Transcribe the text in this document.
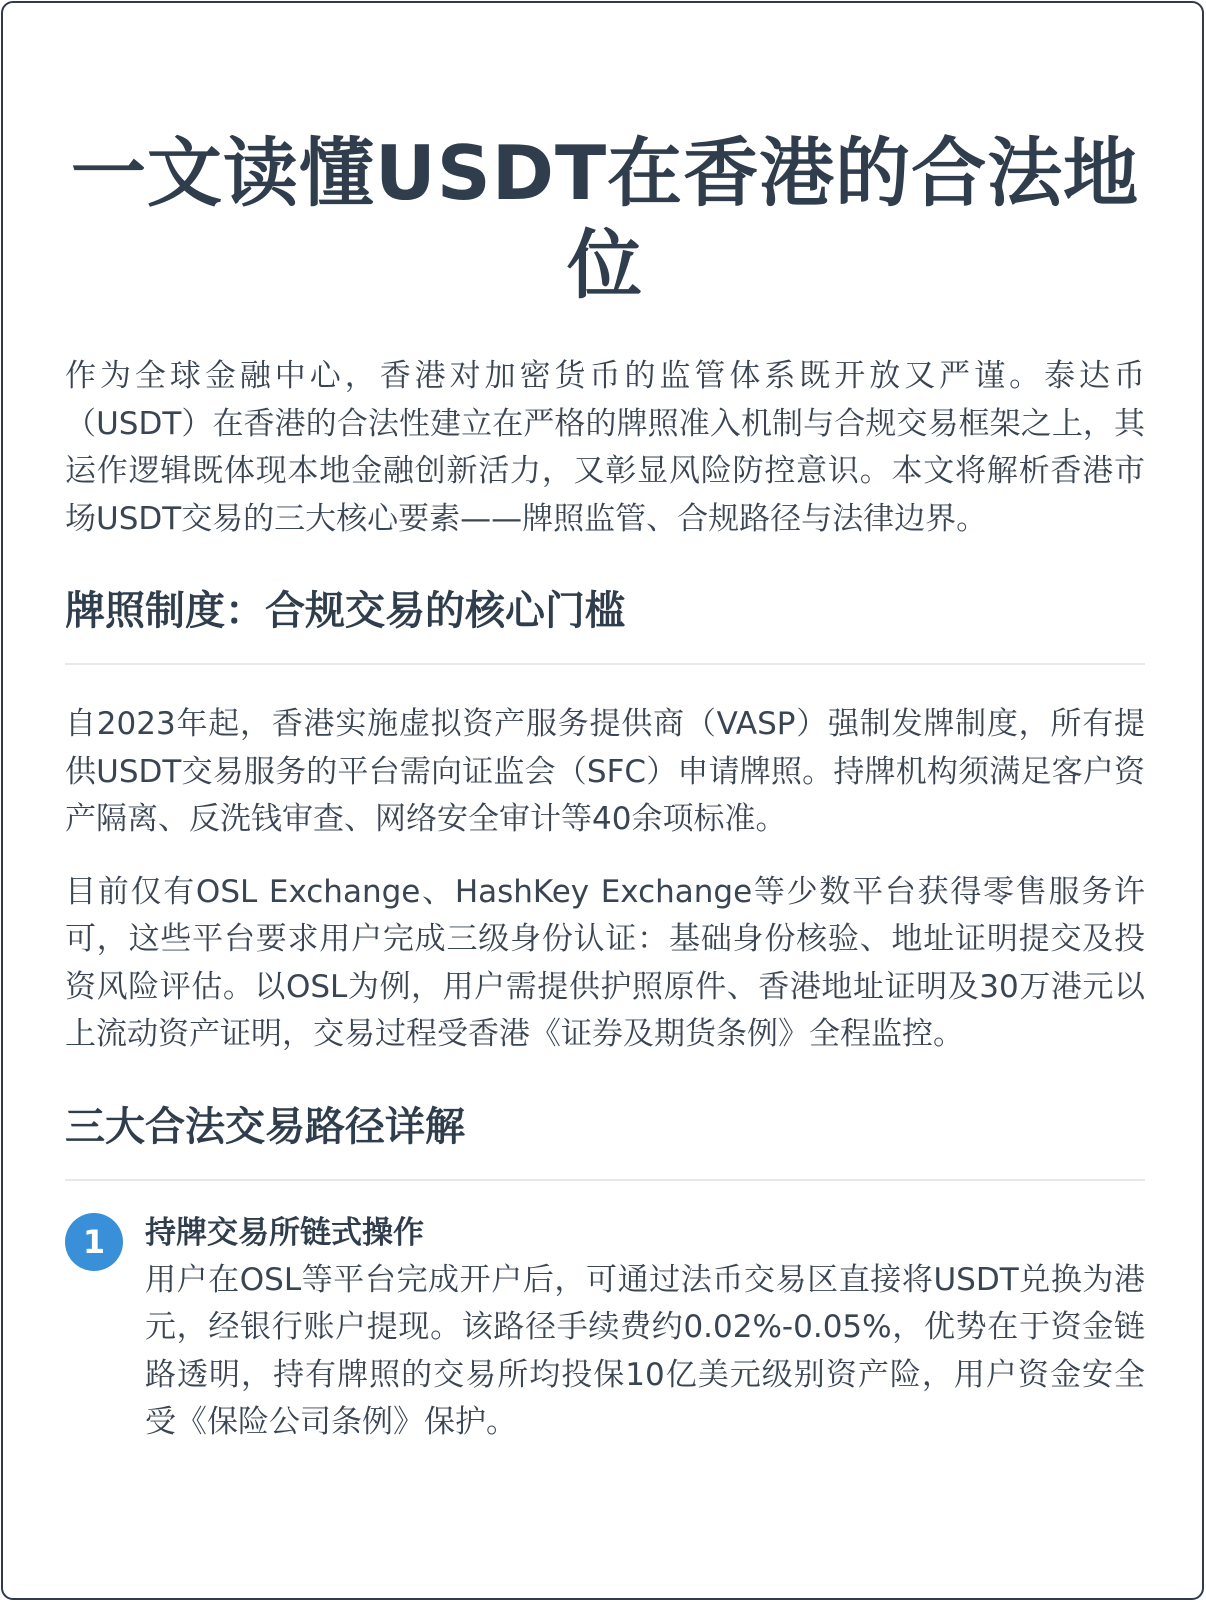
一文读懂USDT在香港的合法地位

作为全球金融中心，香港对加密货币的监管体系既开放又严谨。泰达币（USDT）在香港的合法性建立在严格的牌照准入机制与合规交易框架之上，其运作逻辑既体现本地金融创新活力，又彰显风险防控意识。本文将解析香港市场USDT交易的三大核心要素——牌照监管、合规路径与法律边界。

牌照制度：合规交易的核心门槛

自2023年起，香港实施虚拟资产服务提供商（VASP）强制发牌制度，所有提供USDT交易服务的平台需向证监会（SFC）申请牌照。持牌机构须满足客户资产隔离、反洗钱审查、网络安全审计等40余项标准。

目前仅有OSL Exchange、HashKey Exchange等少数平台获得零售服务许可，这些平台要求用户完成三级身份认证：基础身份核验、地址证明提交及投资风险评估。以OSL为例，用户需提供护照原件、香港地址证明及30万港元以上流动资产证明，交易过程受香港《证券及期货条例》全程监控。

三大合法交易路径详解
1	持牌交易所链式操作

用户在OSL等平台完成开户后，可通过法币交易区直接将USDT兑换为港元，经银行账户提现。该路径手续费约0.02%-0.05%，优势在于资金链路透明，持有牌照的交易所均投保10亿美元级别资产险，用户资金安全受《保险公司条例》保护。
